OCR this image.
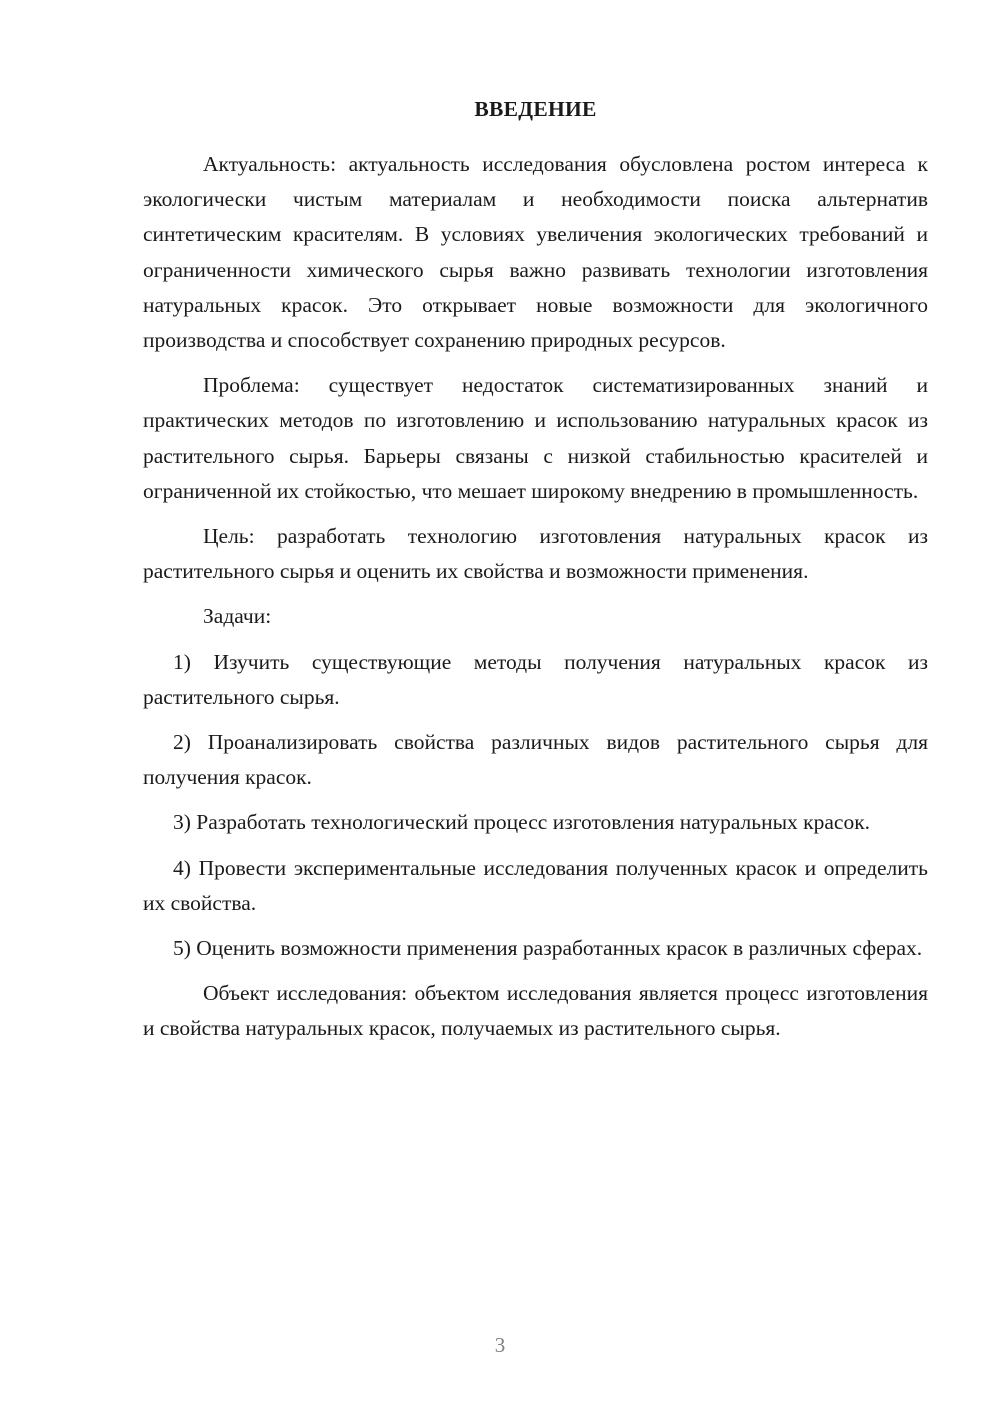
ВВЕДЕНИЕ

Актуальность: актуальность исследования обусловлена ростом интереса к экологически чистым материалам и необходимости поиска альтернатив синтетическим красителям. В условиях увеличения экологических требований и ограниченности химического сырья важно развивать технологии изготовления натуральных красок. Это открывает новые возможности для экологичного производства и способствует сохранению природных ресурсов.

Проблема: существует недостаток систематизированных знаний и практических методов по изготовлению и использованию натуральных красок из растительного сырья. Барьеры связаны с низкой стабильностью красителей и ограниченной их стойкостью, что мешает широкому внедрению в промышленность.

Цель: разработать технологию изготовления натуральных красок из растительного сырья и оценить их свойства и возможности применения.

Задачи:

1) Изучить существующие методы получения натуральных красок из растительного сырья.

2) Проанализировать свойства различных видов растительного сырья для получения красок.

3) Разработать технологический процесс изготовления натуральных красок.

4) Провести экспериментальные исследования полученных красок и определить их свойства.

5) Оценить возможности применения разработанных красок в различных сферах.

Объект исследования: объектом исследования является процесс изготовления и свойства натуральных красок, получаемых из растительного сырья.

3
